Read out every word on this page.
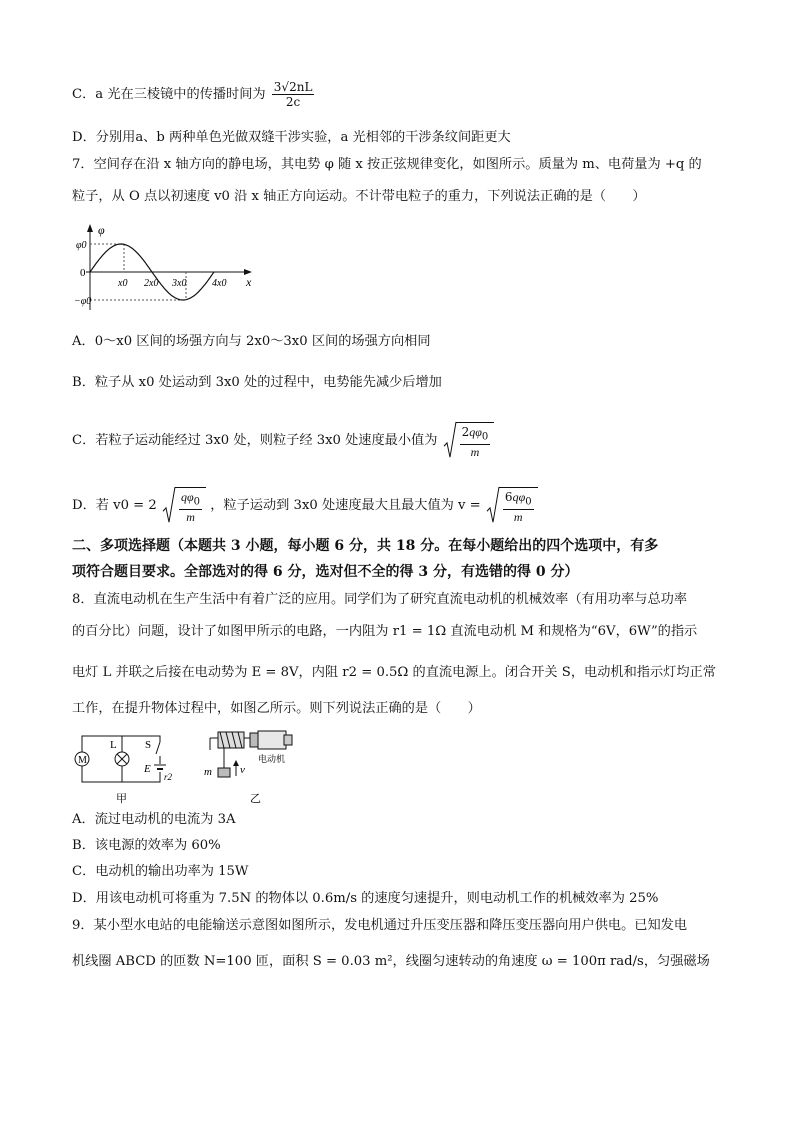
C．a 光在三棱镜中的传播时间为 $\frac{3√2nL}{2c}$
D．分别用a、b 两种单色光做双缝干涉实验，a 光相邻的干涉条纹间距更大
7．空间存在沿 x 轴方向的静电场，其电势 φ 随 x 按正弦规律变化，如图所示。质量为 m、电荷量为 +q 的
粒子，从 O 点以初速度 v0 沿 x 轴正方向运动。不计带电粒子的重力，下列说法正确的是（　　）
φ
x
φ0
0
−φ0
x0 2x0 3x0	4x0
A．0～x0 区间的场强方向与 2x0～3x0 区间的场强方向相同
B．粒子从 x0 处运动到 3x0 处的过程中，电势能先减少后增加
C．若粒子运动能经过 3x0 处，则粒子经 3x0 处速度最小值为 $\frac{2q\varphi_0}{m}$
D．若 $v0 = 2 \frac{q\varphi_0}{m}$ ，粒子运动到 3x0 处速度最大且最大值为 $v = \frac{6q\varphi_0}{m}$
二、多项选择题（本题共 3 小题，每小题 6 分，共 18 分。在每小题给出的四个选项中，有多
项符合题目要求。全部选对的得 6 分，选对但不全的得 3 分，有选错的得 0 分）
8．直流电动机在生产生活中有着广泛的应用。同学们为了研究直流电动机的机械效率（有用功率与总功率
的百分比）问题，设计了如图甲所示的电路，一内阻为 r1 = 1Ω 直流电动机 M 和规格为“6V，6W”的指示
电灯 L 并联之后接在电动势为 E = 8V，内阻 r2 = 0.5Ω 的直流电源上。闭合开关 S，电动机和指示灯均正常
工作，在提升物体过程中，如图乙所示。则下列说法正确的是（　　）
M
L	S
E
r2
甲
电动机
m	v
乙
A．流过电动机的电流为 3A
B．该电源的效率为 60%
C．电动机的输出功率为 15W
D．用该电动机可将重为 7.5N 的物体以 0.6m/s 的速度匀速提升，则电动机工作的机械效率为 25%
9．某小型水电站的电能输送示意图如图所示，发电机通过升压变压器和降压变压器向用户供电。已知发电
机线圈 ABCD 的匝数 N=100 匝，面积 S = 0.03 m²，线圈匀速转动的角速度 ω = 100π rad/s，匀强磁场
